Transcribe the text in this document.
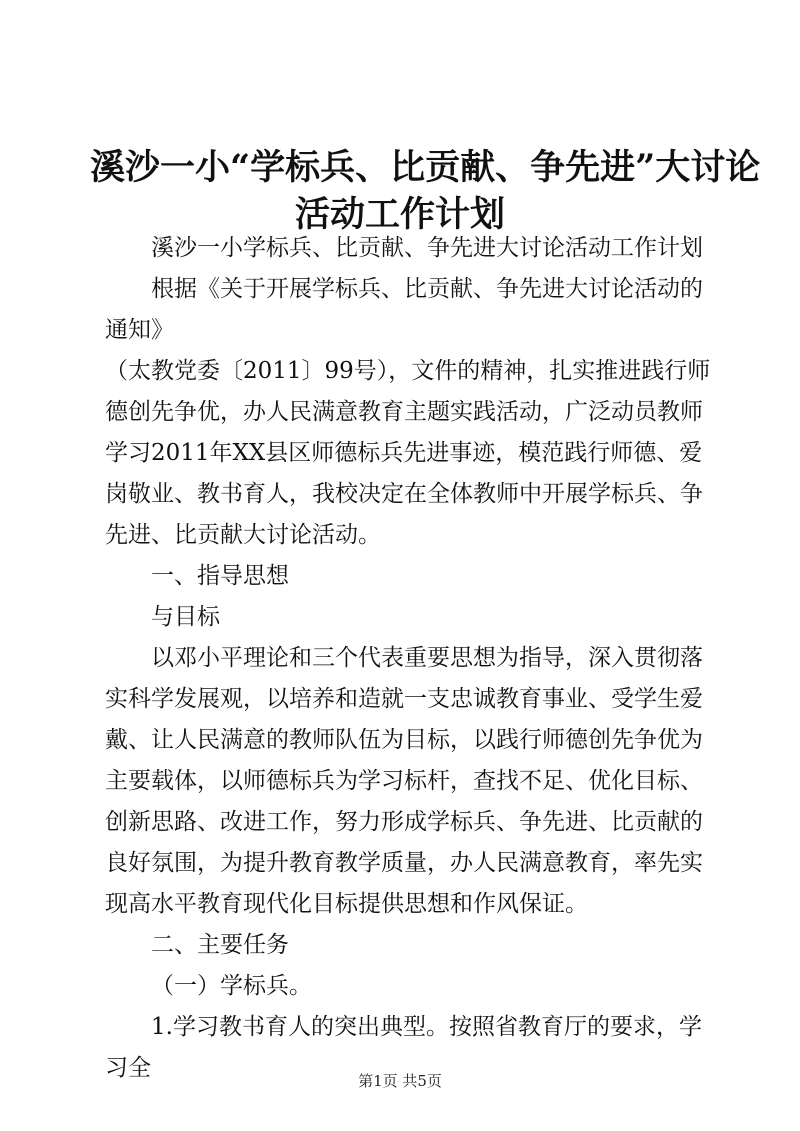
溪沙一小“学标兵、比贡献、争先进”大讨论
活动工作计划

溪沙一小学标兵、比贡献、争先进大讨论活动工作计划

根据《关于开展学标兵、比贡献、争先进大讨论活动的通知》

（太教党委〔2011〕99号），文件的精神，扎实推进践行师德创先争优，办人民满意教育主题实践活动，广泛动员教师学习2011年XX县区师德标兵先进事迹，模范践行师德、爱岗敬业、教书育人，我校决定在全体教师中开展学标兵、争先进、比贡献大讨论活动。

一、指导思想

与目标

以邓小平理论和三个代表重要思想为指导，深入贯彻落实科学发展观，以培养和造就一支忠诚教育事业、受学生爱戴、让人民满意的教师队伍为目标，以践行师德创先争优为主要载体，以师德标兵为学习标杆，查找不足、优化目标、创新思路、改进工作，努力形成学标兵、争先进、比贡献的良好氛围，为提升教育教学质量，办人民满意教育，率先实现高水平教育现代化目标提供思想和作风保证。

二、主要任务

（一）学标兵。

1.学习教书育人的突出典型。按照省教育厅的要求，学习全	第1页 共5页
